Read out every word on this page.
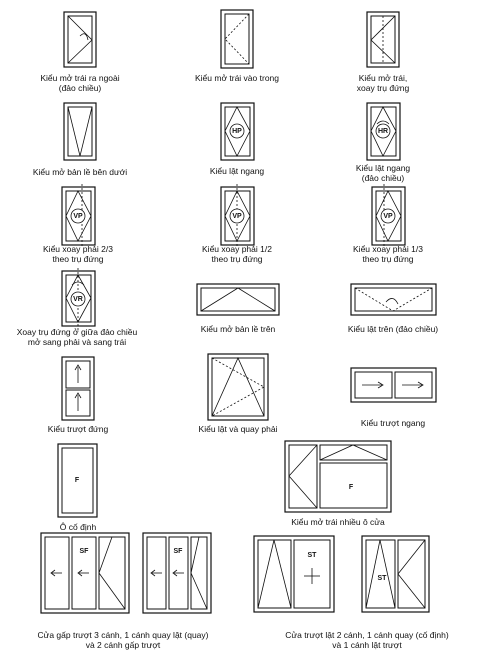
HP	HR
VP	VP	VP
VR
F
F
SF	SF
ST
ST
Kiểu mở trái ra ngoài
(đảo chiều)
Kiểu mở trái vào trong	Kiểu mở trái,
xoay trụ đứng
Kiểu mở bản lề bên dưới	Kiểu lật ngang	Kiểu lật ngang
(đảo chiều)
Kiểu xoay phải 2/3
theo trụ đứng
Kiểu xoay phải 1/2
theo trụ đứng
Kiểu xoay phải 1/3
theo trụ đứng
Xoay trụ đứng ở giữa đảo chiều
mở sang phải và sang trái
Kiểu mở bản lề trên	Kiểu lật trên (đảo chiều)
Kiểu trượt đứng	Kiểu lật và quay phải
Kiểu trượt ngang
Ô cố định	Kiểu mở trái nhiều ô cửa
Cửa gấp trượt 3 cánh, 1 cánh quay lật (quay)
và 2 cánh gấp trượt
Cửa trượt lật 2 cánh, 1 cánh quay (cố định)
và 1 cánh lật trượt
